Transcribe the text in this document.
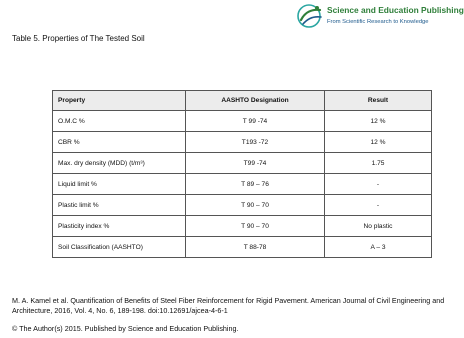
Science and Education Publishing
From Scientific Research to Knowledge
Table 5. Properties of The Tested Soil
Property	AASHTO Designation	Result
O.M.C %	T 99 -74	12 %
CBR %	T193 -72	12 %
Max. dry density (MDD) (t/m³)	T99 -74	1.75
Liquid limit %	T 89 – 76	-
Plastic limit %	T 90 – 70	-
Plasticity index %	T 90 – 70	No plastic
Soil Classification (AASHTO)	T 88-78	A – 3
M. A. Kamel et al. Quantification of Benefits of Steel Fiber Reinforcement for Rigid Pavement. American Journal of Civil Engineering and Architecture, 2016, Vol. 4, No. 6, 189-198. doi:10.12691/ajcea-4-6-1
© The Author(s) 2015. Published by Science and Education Publishing.
